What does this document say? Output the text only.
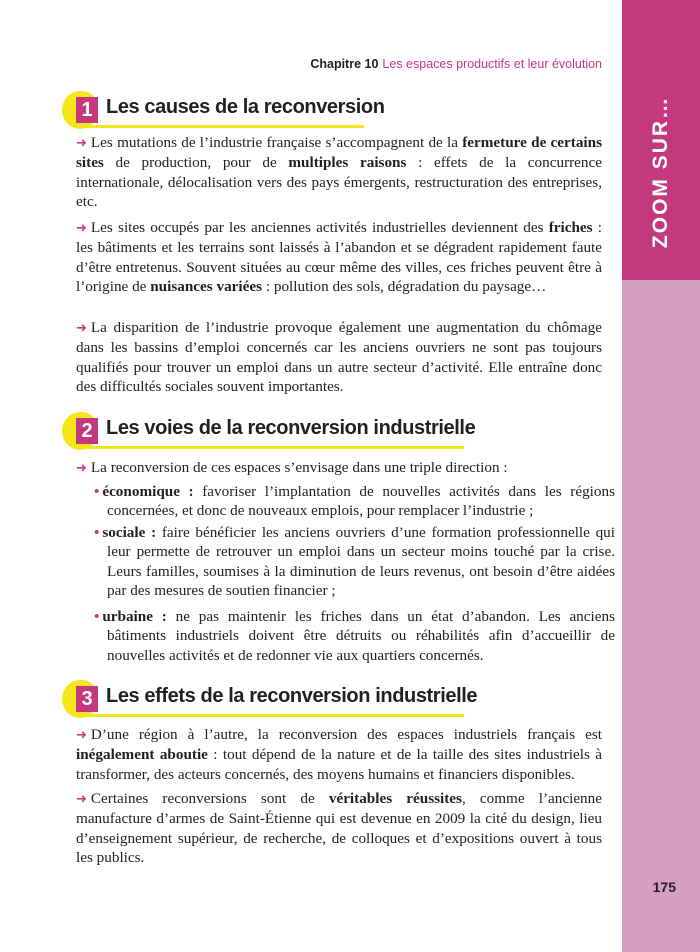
ZOOM SUR…
175
Chapitre 10 Les espaces productifs et leur évolution
1 Les causes de la reconversion

➜ Les mutations de l’industrie française s’accompagnent de la fermeture de certains sites de production, pour de multiples raisons : effets de la concurrence internationale, délocalisation vers des pays émergents, restructuration des entreprises, etc.

➜ Les sites occupés par les anciennes activités industrielles deviennent des friches : les bâtiments et les terrains sont laissés à l’abandon et se dégradent rapidement faute d’être entretenus. Souvent situées au cœur même des villes, ces friches peuvent être à l’origine de nuisances variées : pollution des sols, dégradation du paysage…

➜ La disparition de l’industrie provoque également une augmentation du chômage dans les bassins d’emploi concernés car les anciens ouvriers ne sont pas toujours qualifiés pour trouver un emploi dans un autre secteur d’activité. Elle entraîne donc des difficultés sociales souvent importantes.

2 Les voies de la reconversion industrielle

➜ La reconversion de ces espaces s’envisage dans une triple direction :

• économique : favoriser l’implantation de nouvelles activités dans les régions concernées, et donc de nouveaux emplois, pour remplacer l’industrie ;

• sociale : faire bénéficier les anciens ouvriers d’une formation professionnelle qui leur permette de retrouver un emploi dans un secteur moins touché par la crise. Leurs familles, soumises à la diminution de leurs revenus, ont besoin d’être aidées par des mesures de soutien financier ;

• urbaine : ne pas maintenir les friches dans un état d’abandon. Les anciens bâtiments industriels doivent être détruits ou réhabilités afin d’accueillir de nouvelles activités et de redonner vie aux quartiers concernés.

3 Les effets de la reconversion industrielle

➜ D’une région à l’autre, la reconversion des espaces industriels français est inégalement aboutie : tout dépend de la nature et de la taille des sites industriels à transformer, des acteurs concernés, des moyens humains et financiers disponibles.

➜ Certaines reconversions sont de véritables réussites, comme l’ancienne manufacture d’armes de Saint-Étienne qui est devenue en 2009 la cité du design, lieu d’enseignement supérieur, de recherche, de colloques et d’expositions ouvert à tous les publics.
